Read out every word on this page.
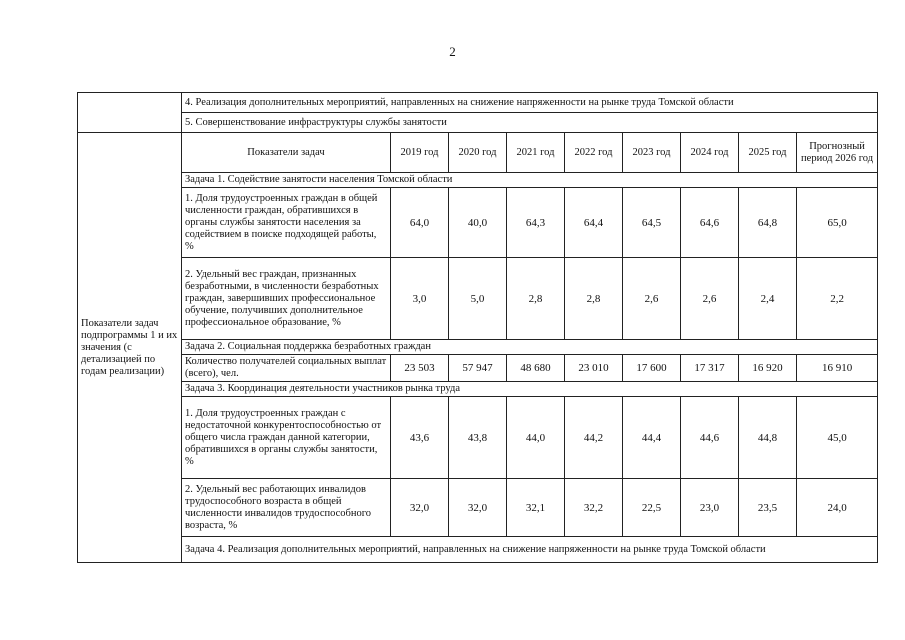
2
	4. Реализация дополнительных мероприятий, направленных на снижение напряженности на рынке труда Томской области								
	5. Совершенствование инфраструктуры службы занятости								
Показатели задач подпрограммы 1 и их значения (с детализацией по годам реализации)	Показатели задач	2019 год	2020 год	2021 год	2022 год	2023 год	2024 год	2025 год	Прогнозный период 2026 год
	Задача 1. Содействие занятости населения Томской области								
	1. Доля трудоустроенных граждан в общей численности граждан, обратившихся в органы службы занятости населения за содействием в поиске подходящей работы, %	64,0	40,0	64,3	64,4	64,5	64,6	64,8	65,0
	2. Удельный вес граждан, признанных безработными, в численности безработных граждан, завершивших профессиональное обучение, получивших дополнительное профессиональное образование, %	3,0	5,0	2,8	2,8	2,6	2,6	2,4	2,2
	Задача 2. Социальная поддержка безработных граждан								
	Количество получателей социальных выплат (всего), чел.	23 503	57 947	48 680	23 010	17 600	17 317	16 920	16 910
	Задача 3. Координация деятельности участников рынка труда								
	1. Доля трудоустроенных граждан с недостаточной конкурентоспособностью от общего числа граждан данной категории, обратившихся в органы службы занятости, %	43,6	43,8	44,0	44,2	44,4	44,6	44,8	45,0
	2. Удельный вес работающих инвалидов трудоспособного возраста в общей численности инвалидов трудоспособного возраста, %	32,0	32,0	32,1	32,2	22,5	23,0	23,5	24,0
	Задача 4. Реализация дополнительных мероприятий, направленных на снижение напряженности на рынке труда Томской области								
